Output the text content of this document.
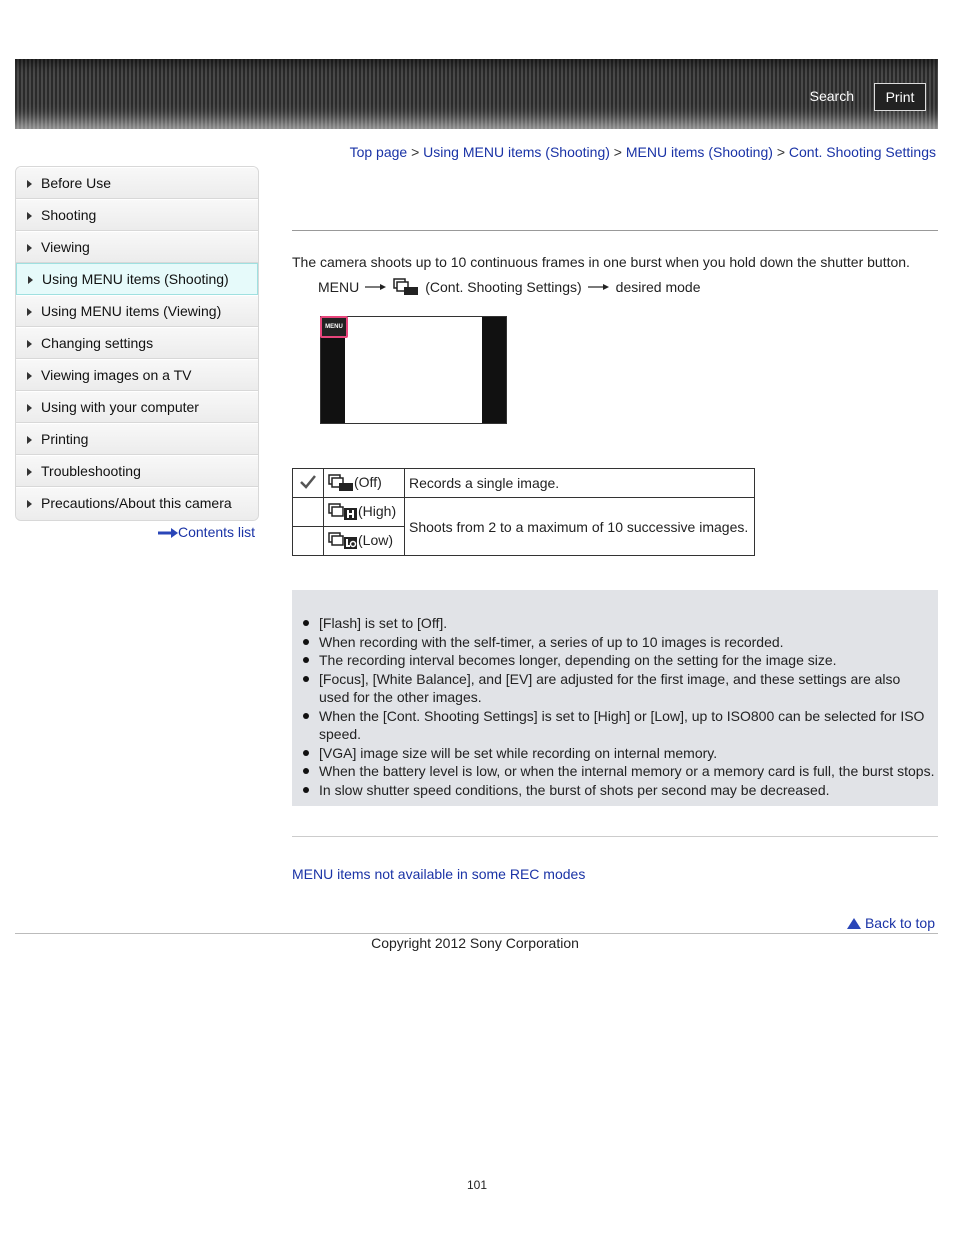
Search	Print
Top page > Using MENU items (Shooting) > MENU items (Shooting) > Cont. Shooting Settings
Before Use
Shooting
Viewing
Using MENU items (Shooting)
Using MENU items (Viewing)
Changing settings
Viewing images on a TV
Using with your computer
Printing
Troubleshooting
Precautions/About this camera
Contents list
The camera shoots up to 10 continuous frames in one burst when you hold down the shutter button.
MENU	(Cont. Shooting Settings) desired mode
MENU
	(Off)	Records a single image.
	(High)	Shoots from 2 to a maximum of 10 successive images.
	(Low)	
[Flash] is set to [Off].
When recording with the self-timer, a series of up to 10 images is recorded.
The recording interval becomes longer, depending on the setting for the image size.
[Focus], [White Balance], and [EV] are adjusted for the first image, and these settings are also used for the other images.
When the [Cont. Shooting Settings] is set to [High] or [Low], up to ISO800 can be selected for ISO speed.
[VGA] image size will be set while recording on internal memory.
When the battery level is low, or when the internal memory or a memory card is full, the burst stops.
In slow shutter speed conditions, the burst of shots per second may be decreased.
MENU items not available in some REC modes
Back to top
Copyright 2012 Sony Corporation
101
